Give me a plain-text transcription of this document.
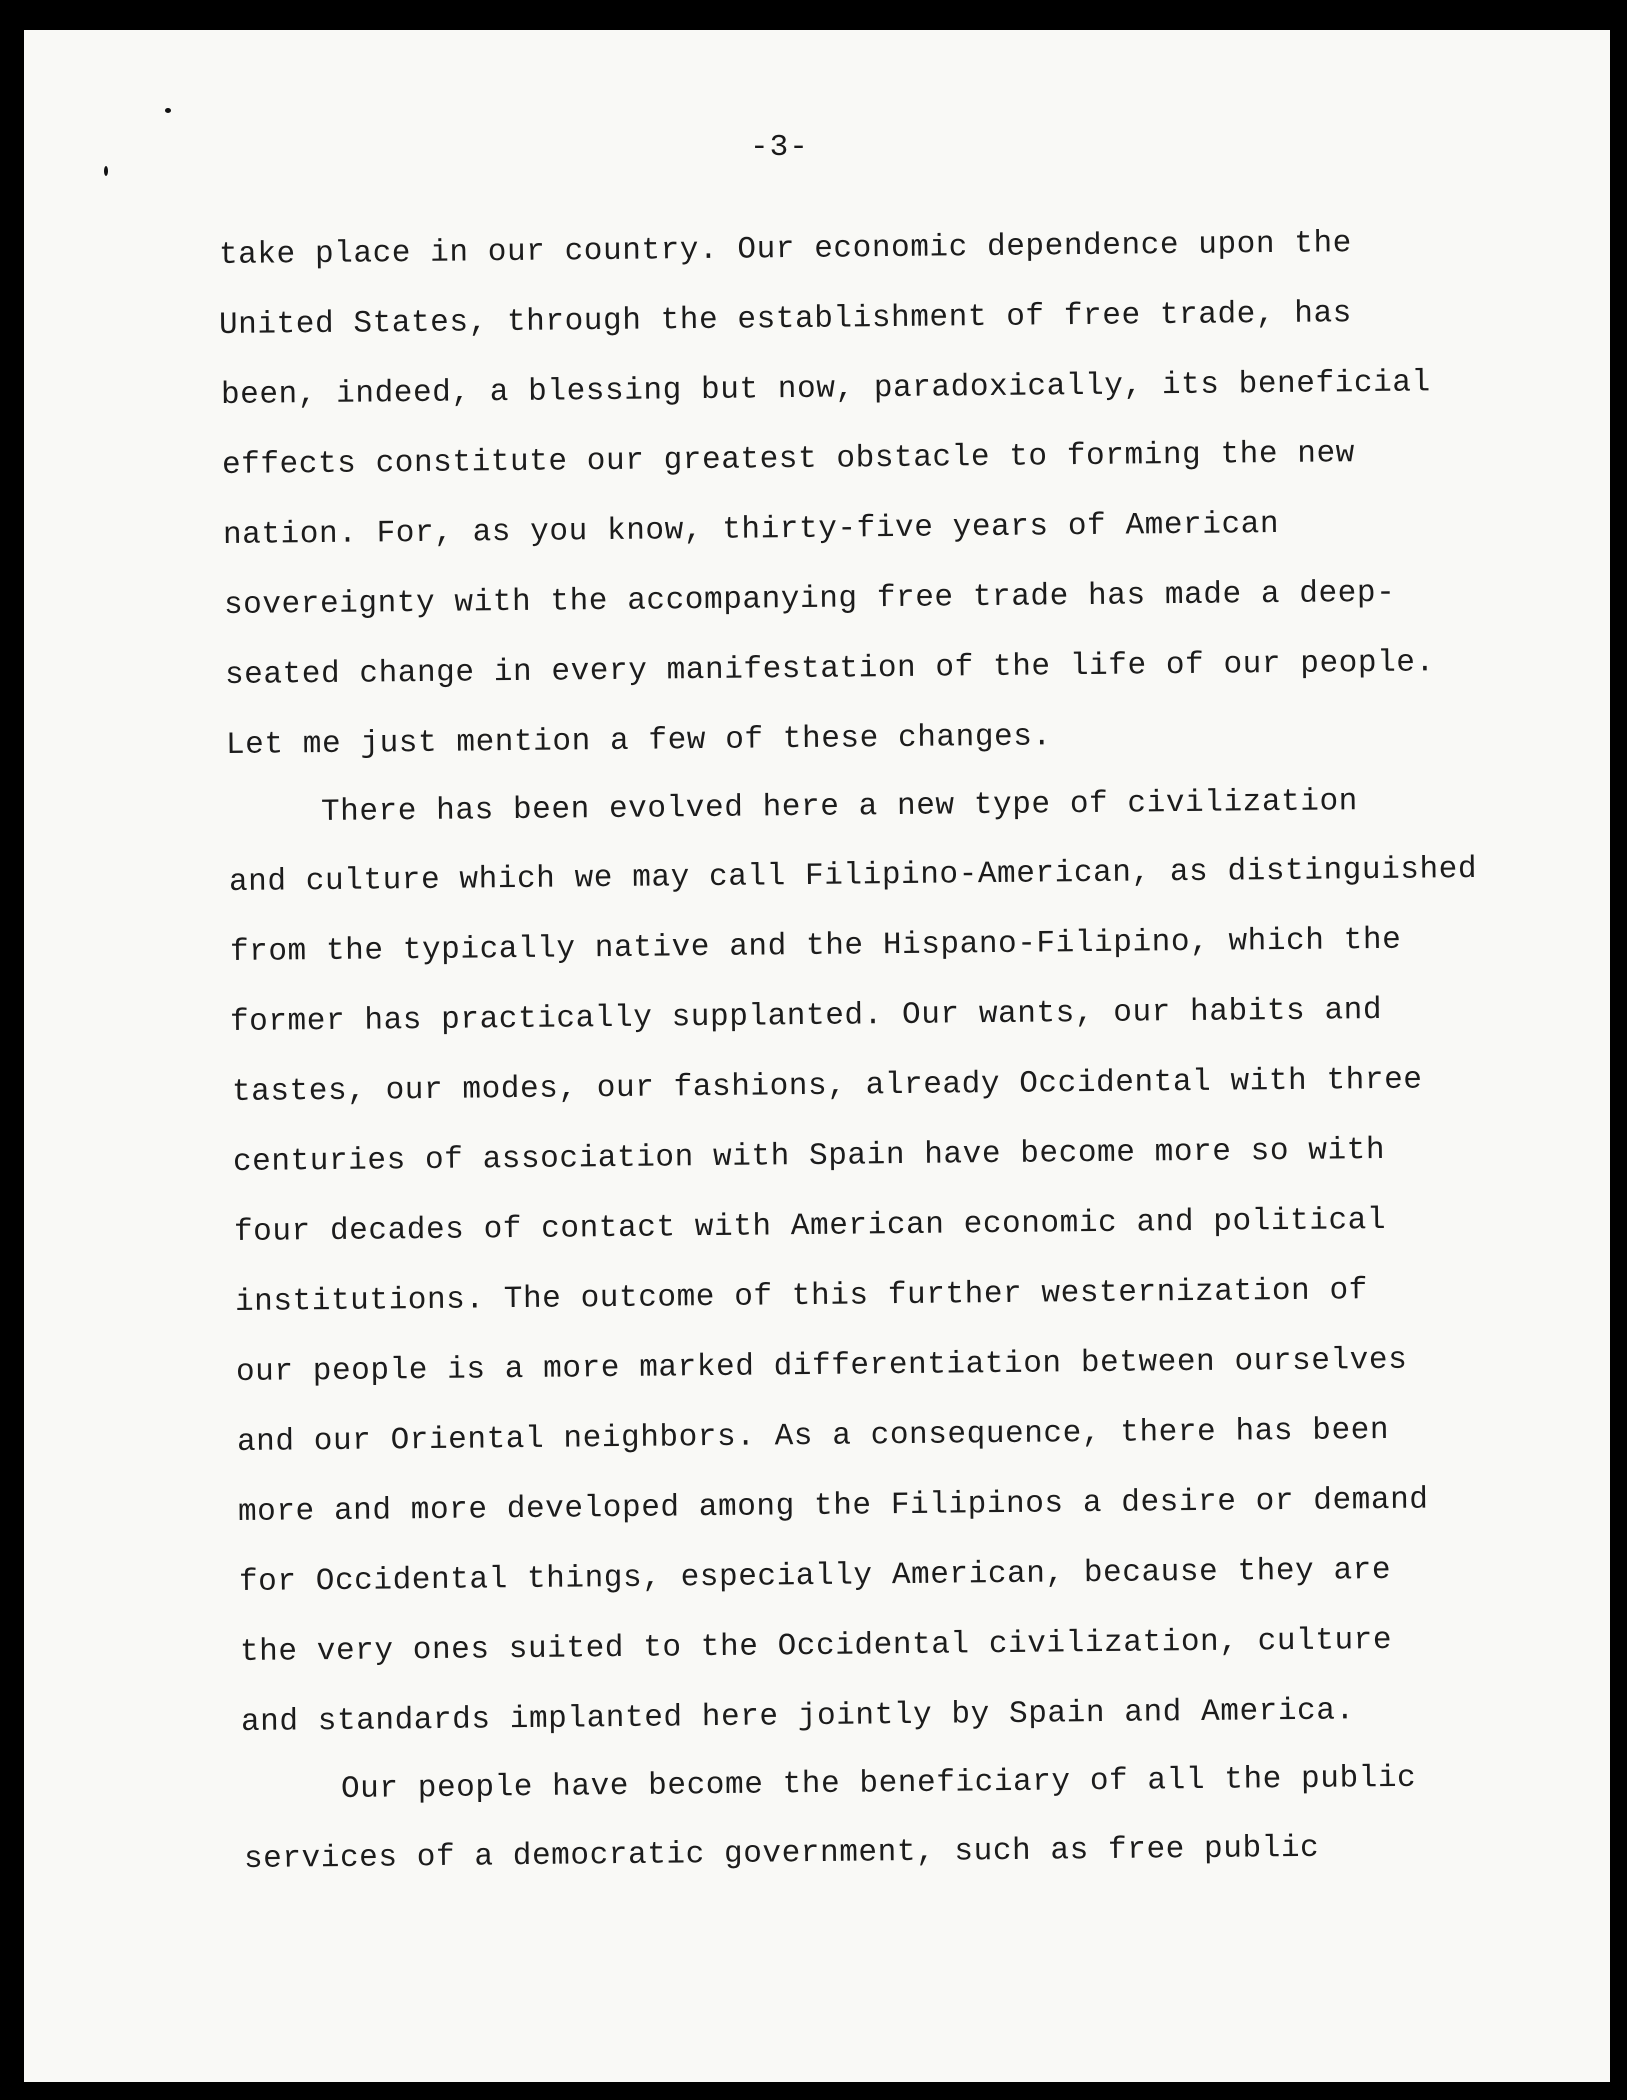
-3-
take place in our country. Our economic dependence upon the
United States, through the establishment of free trade, has
been, indeed, a blessing but now, paradoxically, its beneficial
effects constitute our greatest obstacle to forming the new
nation. For, as you know, thirty-five years of American
sovereignty with the accompanying free trade has made a deep-
seated change in every manifestation of the life of our people.
Let me just mention a few of these changes.
There has been evolved here a new type of civilization
and culture which we may call Filipino-American, as distinguished
from the typically native and the Hispano-Filipino, which the
former has practically supplanted. Our wants, our habits and
tastes, our modes, our fashions, already Occidental with three
centuries of association with Spain have become more so with
four decades of contact with American economic and political
institutions. The outcome of this further westernization of
our people is a more marked differentiation between ourselves
and our Oriental neighbors. As a consequence, there has been
more and more developed among the Filipinos a desire or demand
for Occidental things, especially American, because they are
the very ones suited to the Occidental civilization, culture
and standards implanted here jointly by Spain and America.
Our people have become the beneficiary of all the public
services of a democratic government, such as free public
